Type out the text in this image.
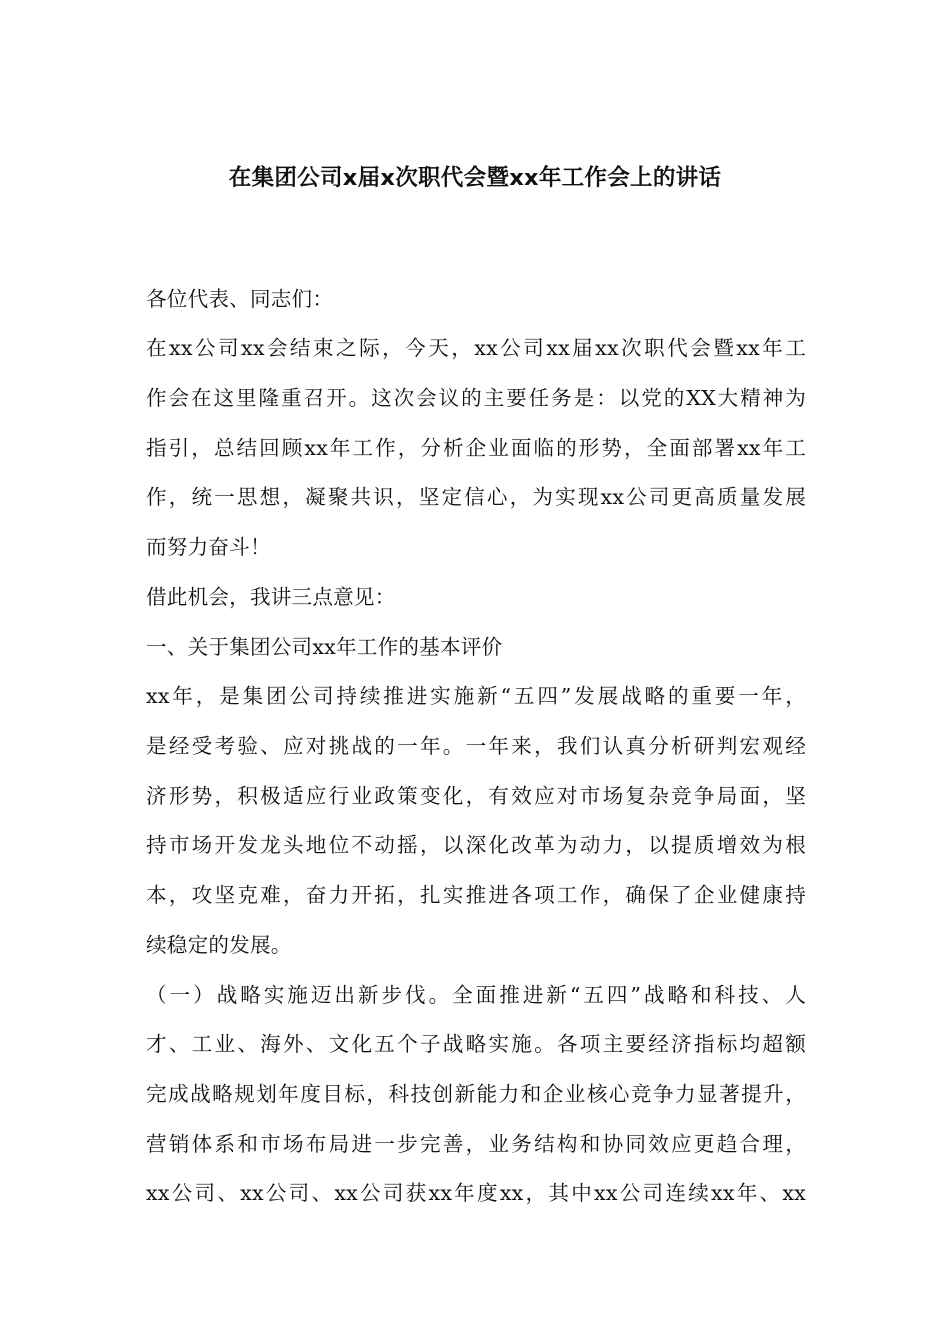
在集团公司x届x次职代会暨xx年工作会上的讲话
各位代表、同志们：
在xx公司xx会结束之际，今天，xx公司xx届xx次职代会暨xx年工
作会在这里隆重召开。这次会议的主要任务是：以党的XX大精神为
指引，总结回顾xx年工作，分析企业面临的形势，全面部署xx年工
作，统一思想，凝聚共识，坚定信心，为实现xx公司更高质量发展
而努力奋斗！
借此机会，我讲三点意见：
一、关于集团公司xx年工作的基本评价
xx年，是集团公司持续推进实施新“五四”发展战略的重要一年，
是经受考验、应对挑战的一年。一年来，我们认真分析研判宏观经
济形势，积极适应行业政策变化，有效应对市场复杂竞争局面，坚
持市场开发龙头地位不动摇，以深化改革为动力，以提质增效为根
本，攻坚克难，奋力开拓，扎实推进各项工作，确保了企业健康持
续稳定的发展。
（一）战略实施迈出新步伐。全面推进新“五四”战略和科技、人
才、工业、海外、文化五个子战略实施。各项主要经济指标均超额
完成战略规划年度目标，科技创新能力和企业核心竞争力显著提升，
营销体系和市场布局进一步完善，业务结构和协同效应更趋合理，
xx公司、xx公司、xx公司获xx年度xx，其中xx公司连续xx年、xx
